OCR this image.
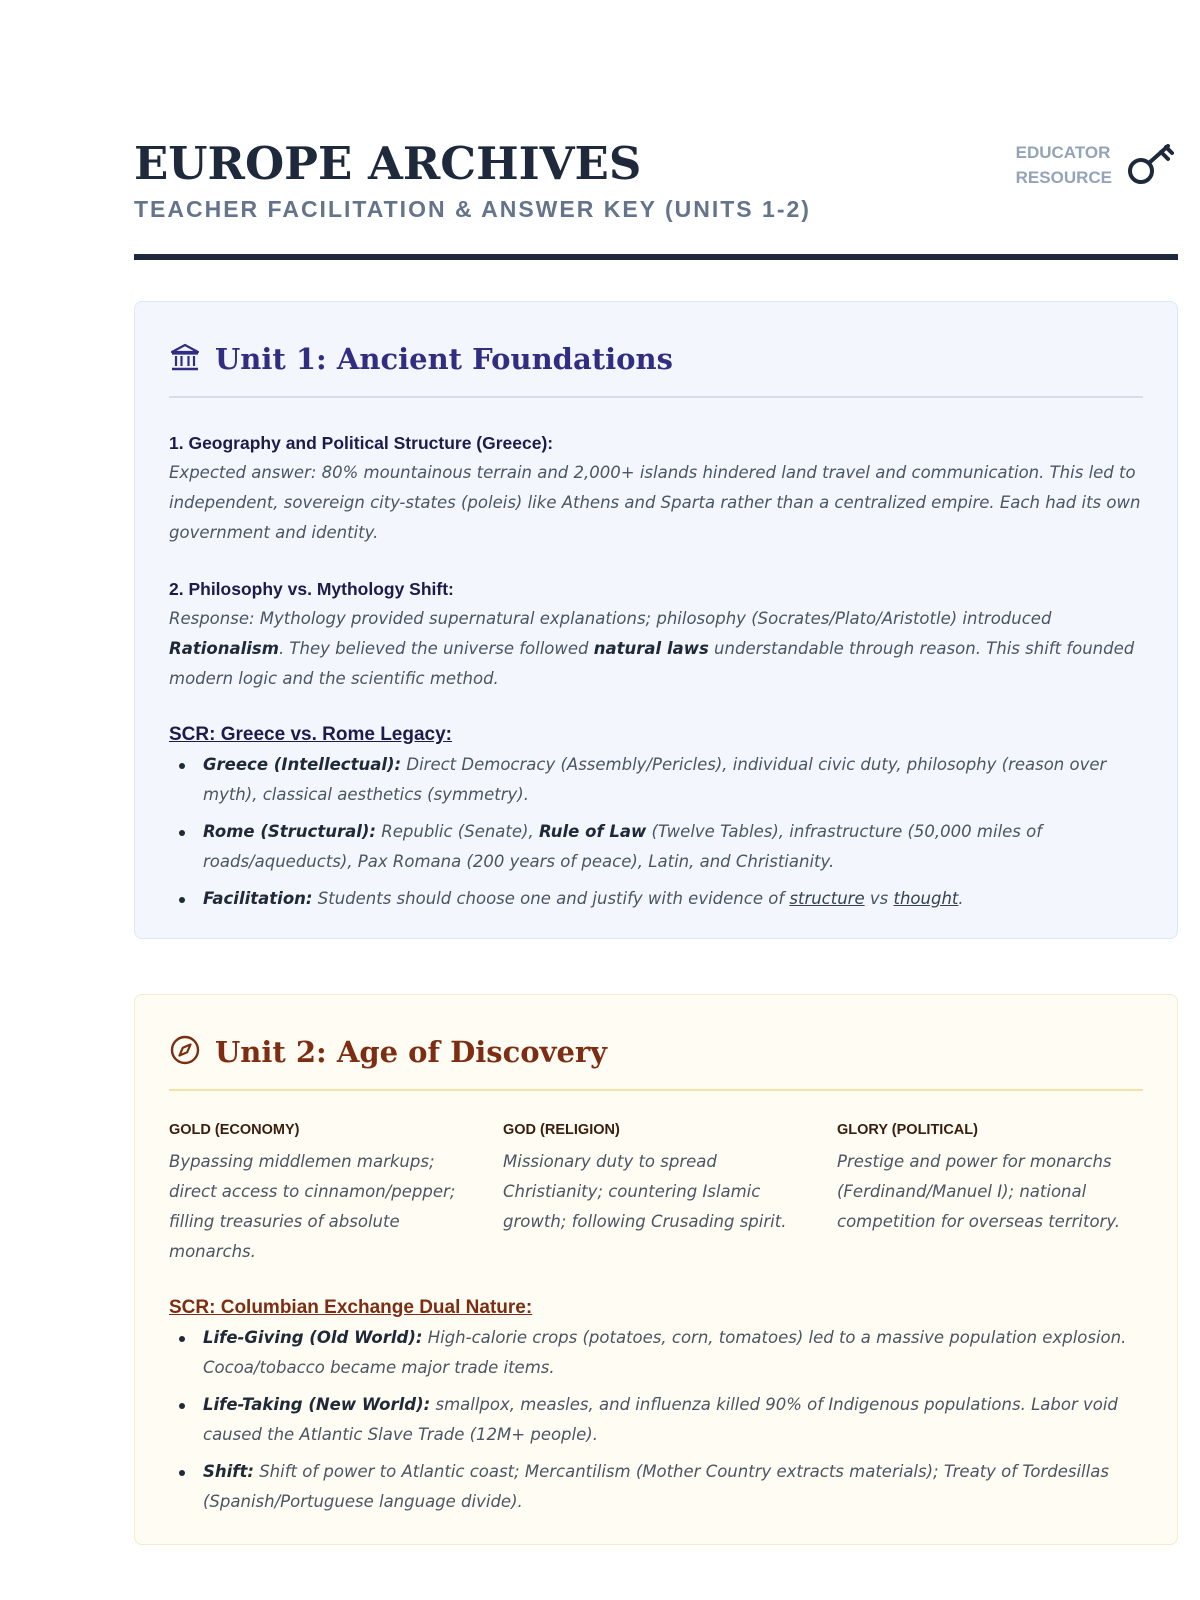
EUROPE ARCHIVES
TEACHER FACILITATION & ANSWER KEY (UNITS 1-2)
EDUCATOR
RESOURCE
Unit 1: Ancient Foundations
1. Geography and Political Structure (Greece):
Expected answer: 80% mountainous terrain and 2,000+ islands hindered land travel and communication. This led to independent, sovereign city-states (poleis) like Athens and Sparta rather than a centralized empire. Each had its own government and identity.
2. Philosophy vs. Mythology Shift:
Response: Mythology provided supernatural explanations; philosophy (Socrates/Plato/Aristotle) introduced Rationalism. They believed the universe followed natural laws understandable through reason. This shift founded modern logic and the scientific method.
SCR: Greece vs. Rome Legacy:
Greece (Intellectual): Direct Democracy (Assembly/Pericles), individual civic duty, philosophy (reason over myth), classical aesthetics (symmetry).
Rome (Structural): Republic (Senate), Rule of Law (Twelve Tables), infrastructure (50,000 miles of roads/aqueducts), Pax Romana (200 years of peace), Latin, and Christianity.
Facilitation: Students should choose one and justify with evidence of structure vs thought.
Unit 2: Age of Discovery
GOLD (ECONOMY)
Bypassing middlemen markups; direct access to cinnamon/pepper; filling treasuries of absolute monarchs.
GOD (RELIGION)
Missionary duty to spread Christianity; countering Islamic growth; following Crusading spirit.
GLORY (POLITICAL)
Prestige and power for monarchs (Ferdinand/Manuel I); national competition for overseas territory.
SCR: Columbian Exchange Dual Nature:
Life-Giving (Old World): High-calorie crops (potatoes, corn, tomatoes) led to a massive population explosion. Cocoa/tobacco became major trade items.
Life-Taking (New World): smallpox, measles, and influenza killed 90% of Indigenous populations. Labor void caused the Atlantic Slave Trade (12M+ people).
Shift: Shift of power to Atlantic coast; Mercantilism (Mother Country extracts materials); Treaty of Tordesillas (Spanish/Portuguese language divide).
